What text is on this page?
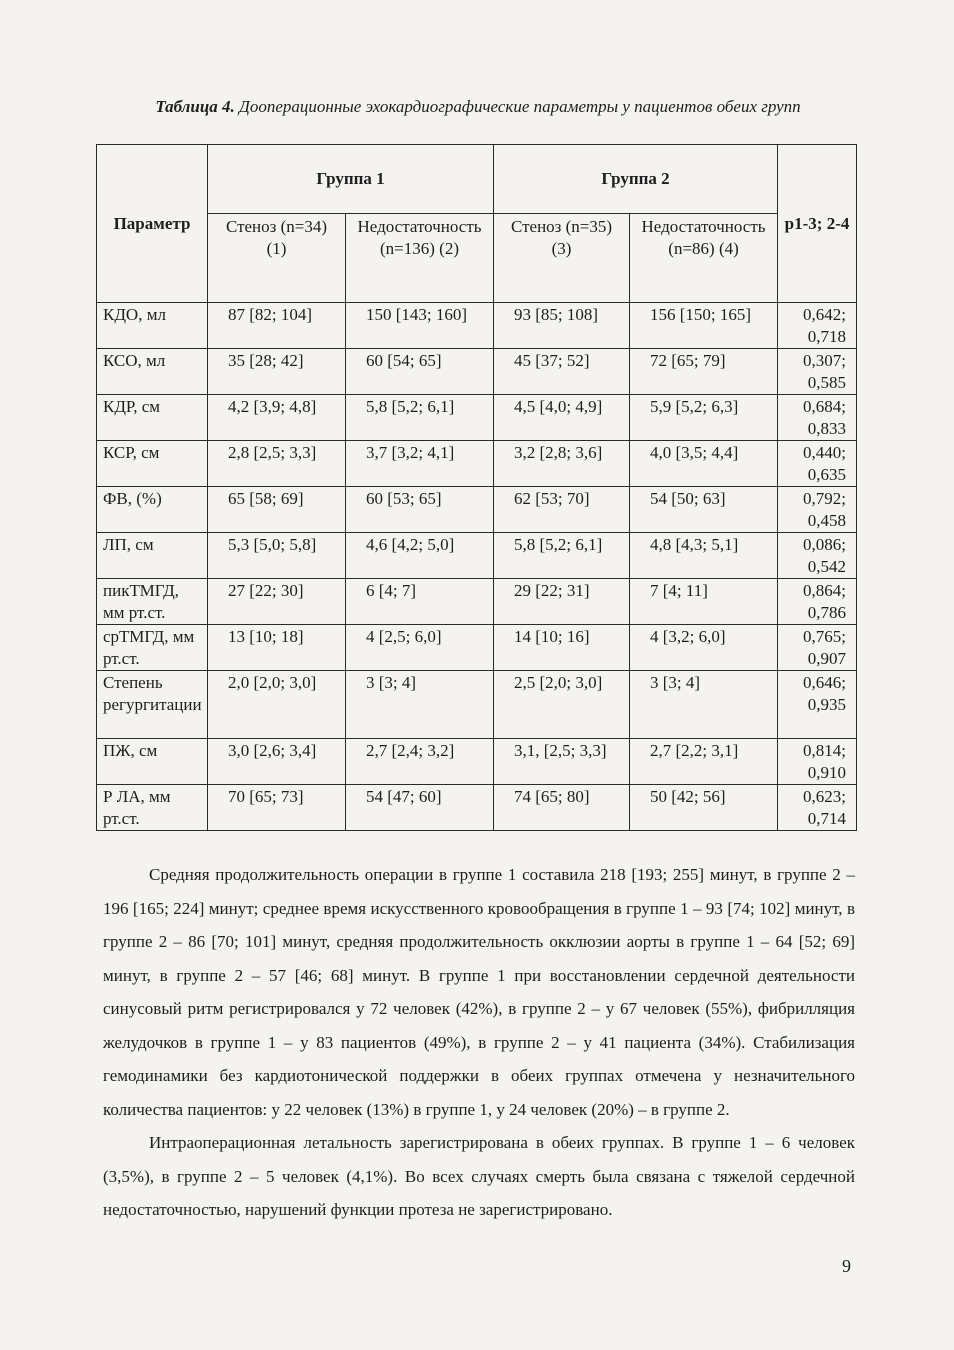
Таблица 4. Дооперационные эхокардиографические параметры у пациентов обеих групп
Параметр	Группа 1		Группа 2		p1-3; 2-4
	Стеноз (n=34) (1)	Недостаточность (n=136) (2)	Стеноз (n=35) (3)	Недостаточность (n=86) (4)	
КДО, мл	87 [82; 104]	150 [143; 160]	93 [85; 108]	156 [150; 165]	0,642; 0,718
КСО, мл	35 [28; 42]	60 [54; 65]	45 [37; 52]	72 [65; 79]	0,307; 0,585
КДР, см	4,2 [3,9; 4,8]	5,8 [5,2; 6,1]	4,5 [4,0; 4,9]	5,9 [5,2; 6,3]	0,684; 0,833
КСР, см	2,8 [2,5; 3,3]	3,7 [3,2; 4,1]	3,2 [2,8; 3,6]	4,0 [3,5; 4,4]	0,440; 0,635
ФВ, (%)	65 [58; 69]	60 [53; 65]	62 [53; 70]	54 [50; 63]	0,792; 0,458
ЛП, см	5,3 [5,0; 5,8]	4,6 [4,2; 5,0]	5,8 [5,2; 6,1]	4,8 [4,3; 5,1]	0,086; 0,542
пикТМГД, мм рт.ст.	27 [22; 30]	6 [4; 7]	29 [22; 31]	7 [4; 11]	0,864; 0,786
срТМГД, мм рт.ст.	13 [10; 18]	4 [2,5; 6,0]	14 [10; 16]	4 [3,2; 6,0]	0,765; 0,907
Степень регургитации	2,0 [2,0; 3,0]	3 [3; 4]	2,5 [2,0; 3,0]	3 [3; 4]	0,646; 0,935
ПЖ, см	3,0 [2,6; 3,4]	2,7 [2,4; 3,2]	3,1, [2,5; 3,3]	2,7 [2,2; 3,1]	0,814; 0,910
Р ЛА, мм рт.ст.	70 [65; 73]	54 [47; 60]	74 [65; 80]	50 [42; 56]	0,623; 0,714

Средняя продолжительность операции в группе 1 составила 218 [193; 255] минут, в группе 2 – 196 [165; 224] минут; среднее время искусственного кровообращения в группе 1 – 93 [74; 102] минут, в группе 2 – 86 [70; 101] минут, средняя продолжительность окклюзии аорты в группе 1 – 64 [52; 69] минут, в группе 2 – 57 [46; 68] минут. В группе 1 при восстановлении сердечной деятельности синусовый ритм регистрировался у 72 человек (42%), в группе 2 – у 67 человек (55%), фибрилляция желудочков в группе 1 – у 83 пациентов (49%), в группе 2 – у 41 пациента (34%). Стабилизация гемодинамики без кардиотонической поддержки в обеих группах отмечена у незначительного количества пациентов: у 22 человек (13%) в группе 1, у 24 человек (20%) – в группе 2.

Интраоперационная летальность зарегистрирована в обеих группах. В группе 1 – 6 человек (3,5%), в группе 2 – 5 человек (4,1%). Во всех случаях смерть была связана с тяжелой сердечной недостаточностью, нарушений функции протеза не зарегистрировано.

9
